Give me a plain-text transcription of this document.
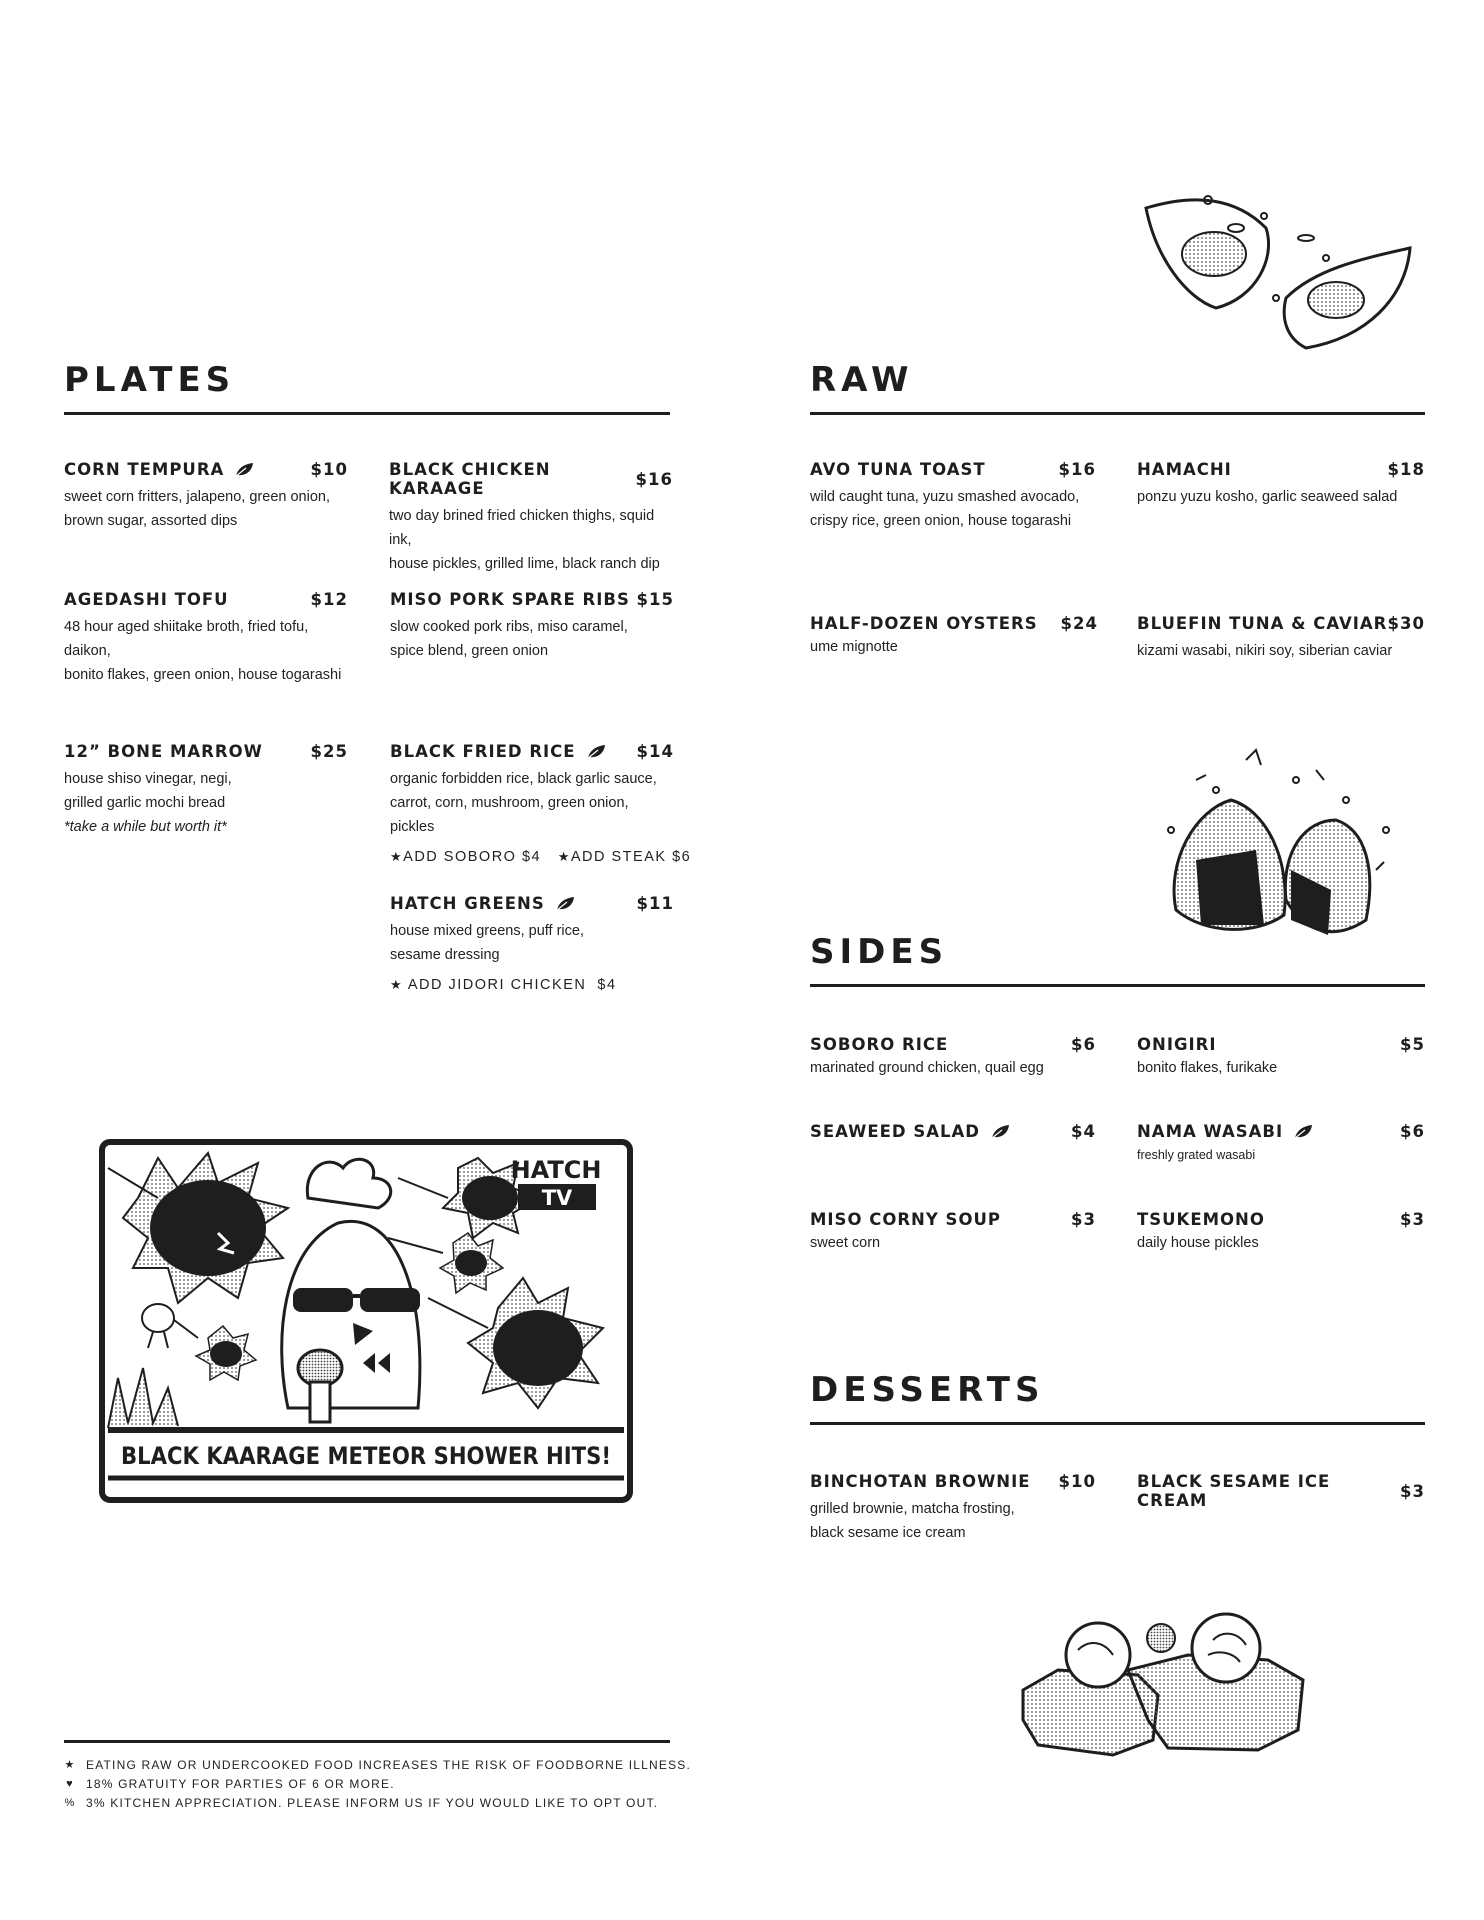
PLATES
CORN TEMPURA	$10
sweet corn fritters, jalapeno, green onion,
brown sugar, assorted dips
BLACK CHICKEN KARAAGE	$16
two day brined fried chicken thighs, squid ink,
house pickles, grilled lime, black ranch dip
AGEDASHI TOFU	$12
48 hour aged shiitake broth, fried tofu, daikon,
bonito flakes, green onion, house togarashi
MISO PORK SPARE RIBS $15
slow cooked pork ribs, miso caramel,
spice blend, green onion
12” BONE MARROW	$25
house shiso vinegar, negi,
grilled garlic mochi bread
*take a while but worth it*
BLACK FRIED RICE	$14
organic forbidden rice, black garlic sauce,
carrot, corn, mushroom, green onion, pickles
★ADD SOBORO $4 ★ADD STEAK $6
HATCH GREENS	$11
house mixed greens, puff rice,
sesame dressing
★ ADD JIDORI CHICKEN  $4
HATCH
TV
BLACK KAARAGE METEOR SHOWER HITS!
★ EATING RAW OR UNDERCOOKED FOOD INCREASES THE RISK OF FOODBORNE ILLNESS.
♥ 18% GRATUITY FOR PARTIES OF 6 OR MORE.
% 3% KITCHEN APPRECIATION. PLEASE INFORM US IF YOU WOULD LIKE TO OPT OUT.
RAW
AVO TUNA TOAST	$16
wild caught tuna, yuzu smashed avocado,
crispy rice, green onion, house togarashi
HAMACHI	$18
ponzu yuzu kosho, garlic seaweed salad
HALF-DOZEN OYSTERS $24
ume mignotte
BLUEFIN TUNA & CAVIAR $30
kizami wasabi, nikiri soy, siberian caviar
SIDES
SOBORO RICE	$6
marinated ground chicken, quail egg
ONIGIRI	$5
bonito flakes, furikake
SEAWEED SALAD	$4 NAMA WASABI	$6
freshly grated wasabi
MISO CORNY SOUP	$3
sweet corn
TSUKEMONO	$3
daily house pickles
DESSERTS
BINCHOTAN BROWNIE $10
grilled brownie, matcha frosting,
black sesame ice cream
BLACK SESAME ICE CREAM	$3
